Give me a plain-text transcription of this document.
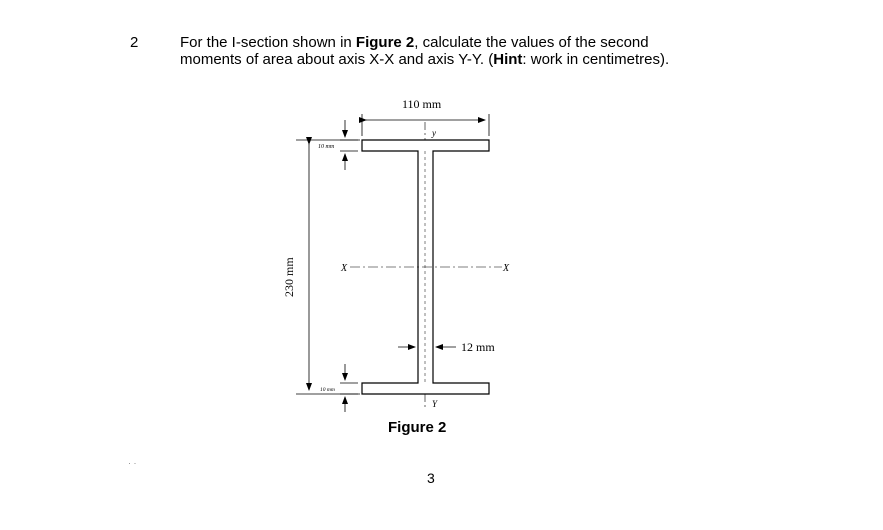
2	For the I-section shown in Figure 2, calculate the values of the second
moments of area about axis X-X and axis Y-Y. (Hint: work in centimetres).
110 mm
230 mm
12 mm
10 mm
10 mm
X	X
y
Y
Figure 2
3
· ·
